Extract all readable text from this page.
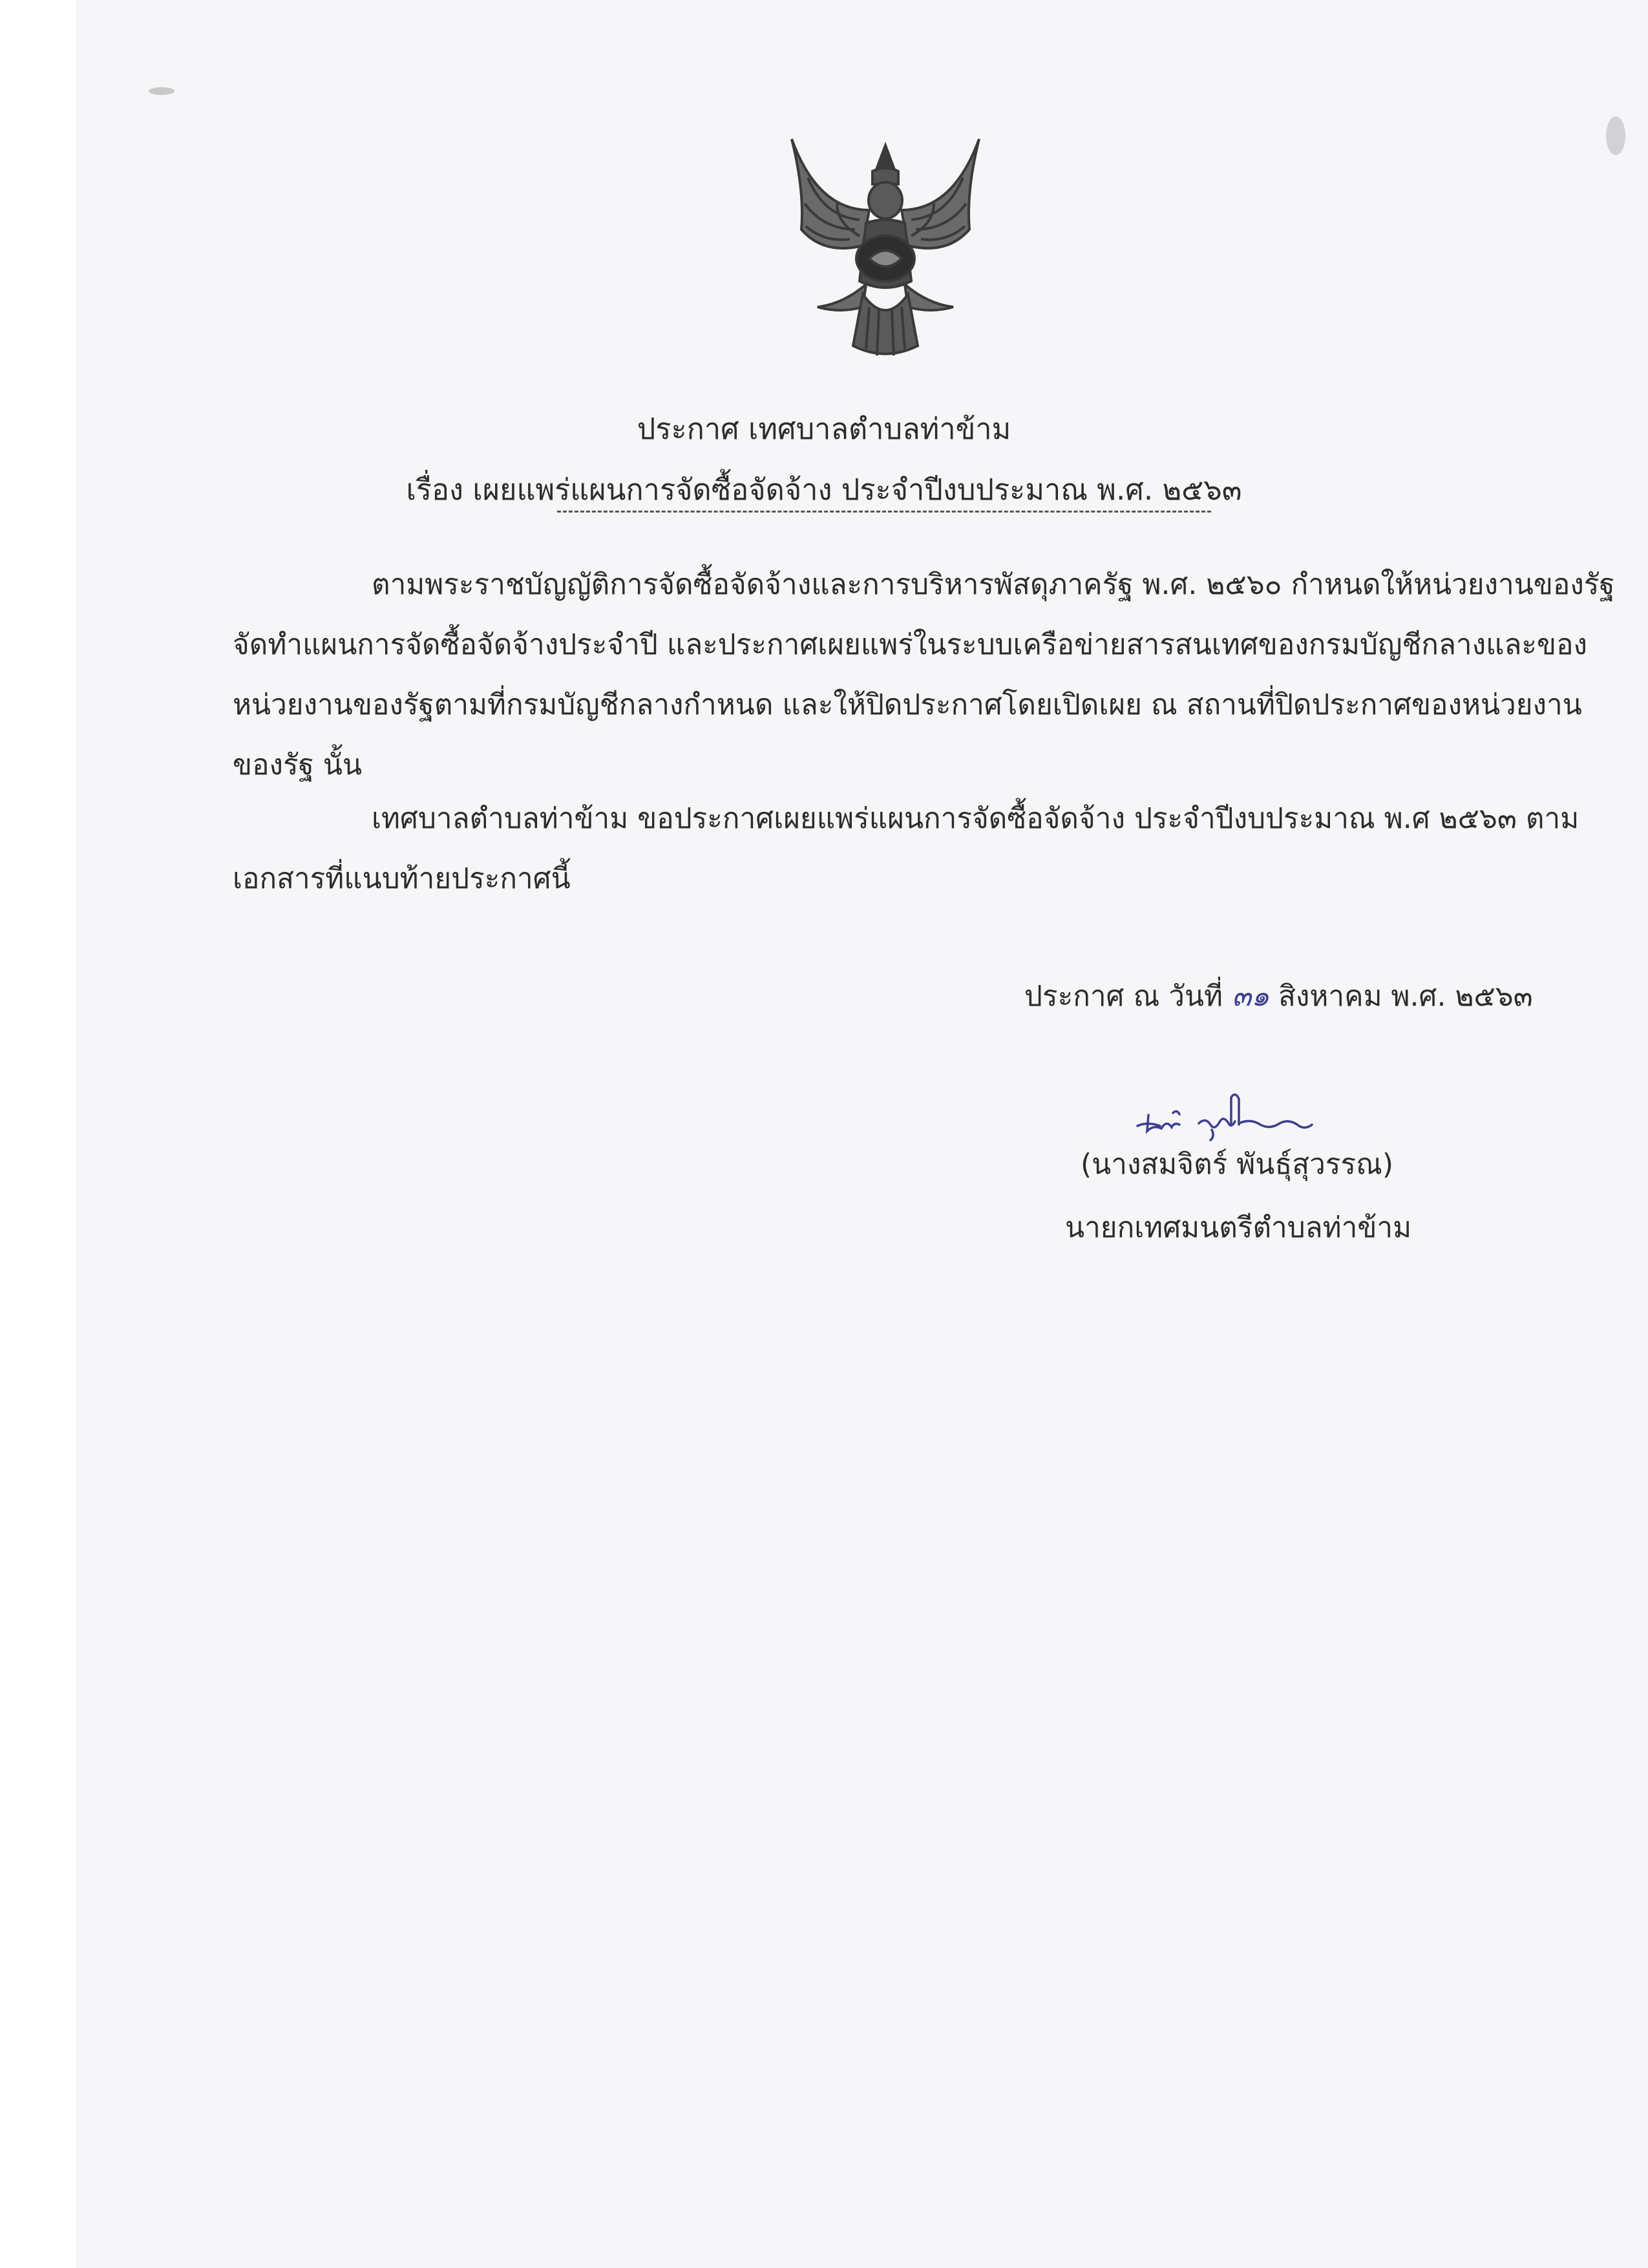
ประกาศ เทศบาลตำบลท่าข้าม
เรื่อง เผยแพร่แผนการจัดซื้อจัดจ้าง ประจำปีงบประมาณ พ.ศ. ๒๕๖๓
ตามพระราชบัญญัติการจัดซื้อจัดจ้างและการบริหารพัสดุภาครัฐ พ.ศ. ๒๕๖๐ กำหนดให้หน่วยงานของรัฐ
จัดทำแผนการจัดซื้อจัดจ้างประจำปี และประกาศเผยแพร่ในระบบเครือข่ายสารสนเทศของกรมบัญชีกลางและของ
หน่วยงานของรัฐตามที่กรมบัญชีกลางกำหนด และให้ปิดประกาศโดยเปิดเผย ณ สถานที่ปิดประกาศของหน่วยงาน
ของรัฐ นั้น
เทศบาลตำบลท่าข้าม ขอประกาศเผยแพร่แผนการจัดซื้อจัดจ้าง ประจำปีงบประมาณ พ.ศ ๒๕๖๓ ตาม
เอกสารที่แนบท้ายประกาศนี้
ประกาศ ณ วันที่ ๓๑ สิงหาคม พ.ศ. ๒๕๖๓
(นางสมจิตร์ พันธุ์สุวรรณ)
นายกเทศมนตรีตำบลท่าข้าม
